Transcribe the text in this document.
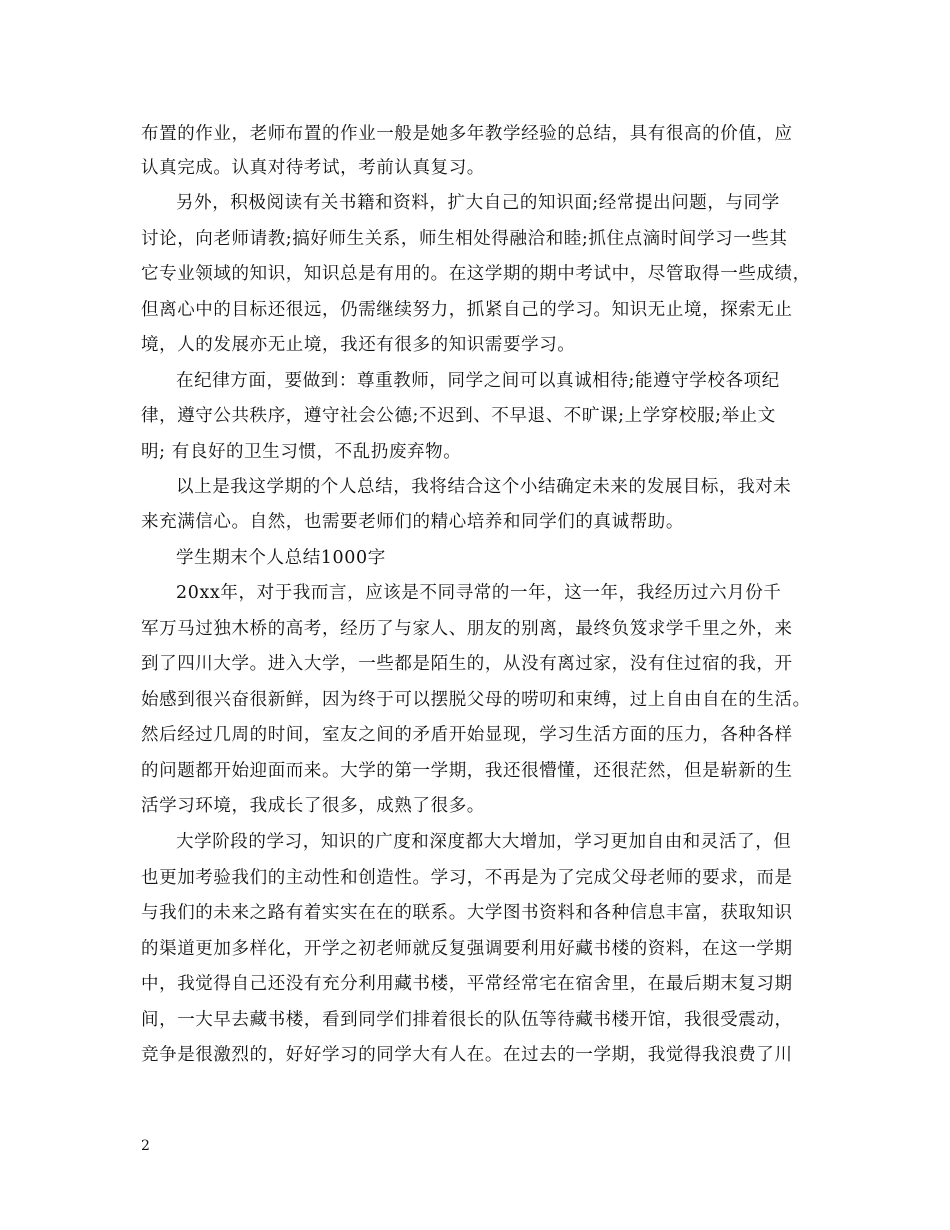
布置的作业，老师布置的作业一般是她多年教学经验的总结，具有很高的价值，应
认真完成。认真对待考试，考前认真复习。
另外，积极阅读有关书籍和资料，扩大自己的知识面;经常提出问题，与同学
讨论，向老师请教;搞好师生关系，师生相处得融洽和睦;抓住点滴时间学习一些其
它专业领域的知识，知识总是有用的。在这学期的期中考试中，尽管取得一些成绩，
但离心中的目标还很远，仍需继续努力，抓紧自己的学习。知识无止境，探索无止
境，人的发展亦无止境，我还有很多的知识需要学习。
在纪律方面，要做到：尊重教师，同学之间可以真诚相待;能遵守学校各项纪
律，遵守公共秩序，遵守社会公德;不迟到、不早退、不旷课;上学穿校服;举止文
明; 有良好的卫生习惯，不乱扔废弃物。
以上是我这学期的个人总结，我将结合这个小结确定未来的发展目标，我对未
来充满信心。自然，也需要老师们的精心培养和同学们的真诚帮助。
学生期末个人总结1000字
20xx年，对于我而言，应该是不同寻常的一年，这一年，我经历过六月份千
军万马过独木桥的高考，经历了与家人、朋友的别离，最终负笈求学千里之外，来
到了四川大学。进入大学，一些都是陌生的，从没有离过家，没有住过宿的我，开
始感到很兴奋很新鲜，因为终于可以摆脱父母的唠叨和束缚，过上自由自在的生活。
然后经过几周的时间，室友之间的矛盾开始显现，学习生活方面的压力，各种各样
的问题都开始迎面而来。大学的第一学期，我还很懵懂，还很茫然，但是崭新的生
活学习环境，我成长了很多，成熟了很多。
大学阶段的学习，知识的广度和深度都大大增加，学习更加自由和灵活了，但
也更加考验我们的主动性和创造性。学习，不再是为了完成父母老师的要求，而是
与我们的未来之路有着实实在在的联系。大学图书资料和各种信息丰富，获取知识
的渠道更加多样化，开学之初老师就反复强调要利用好藏书楼的资料，在这一学期
中，我觉得自己还没有充分利用藏书楼，平常经常宅在宿舍里，在最后期末复习期
间，一大早去藏书楼，看到同学们排着很长的队伍等待藏书楼开馆，我很受震动，
竞争是很激烈的，好好学习的同学大有人在。在过去的一学期，我觉得我浪费了川
2
